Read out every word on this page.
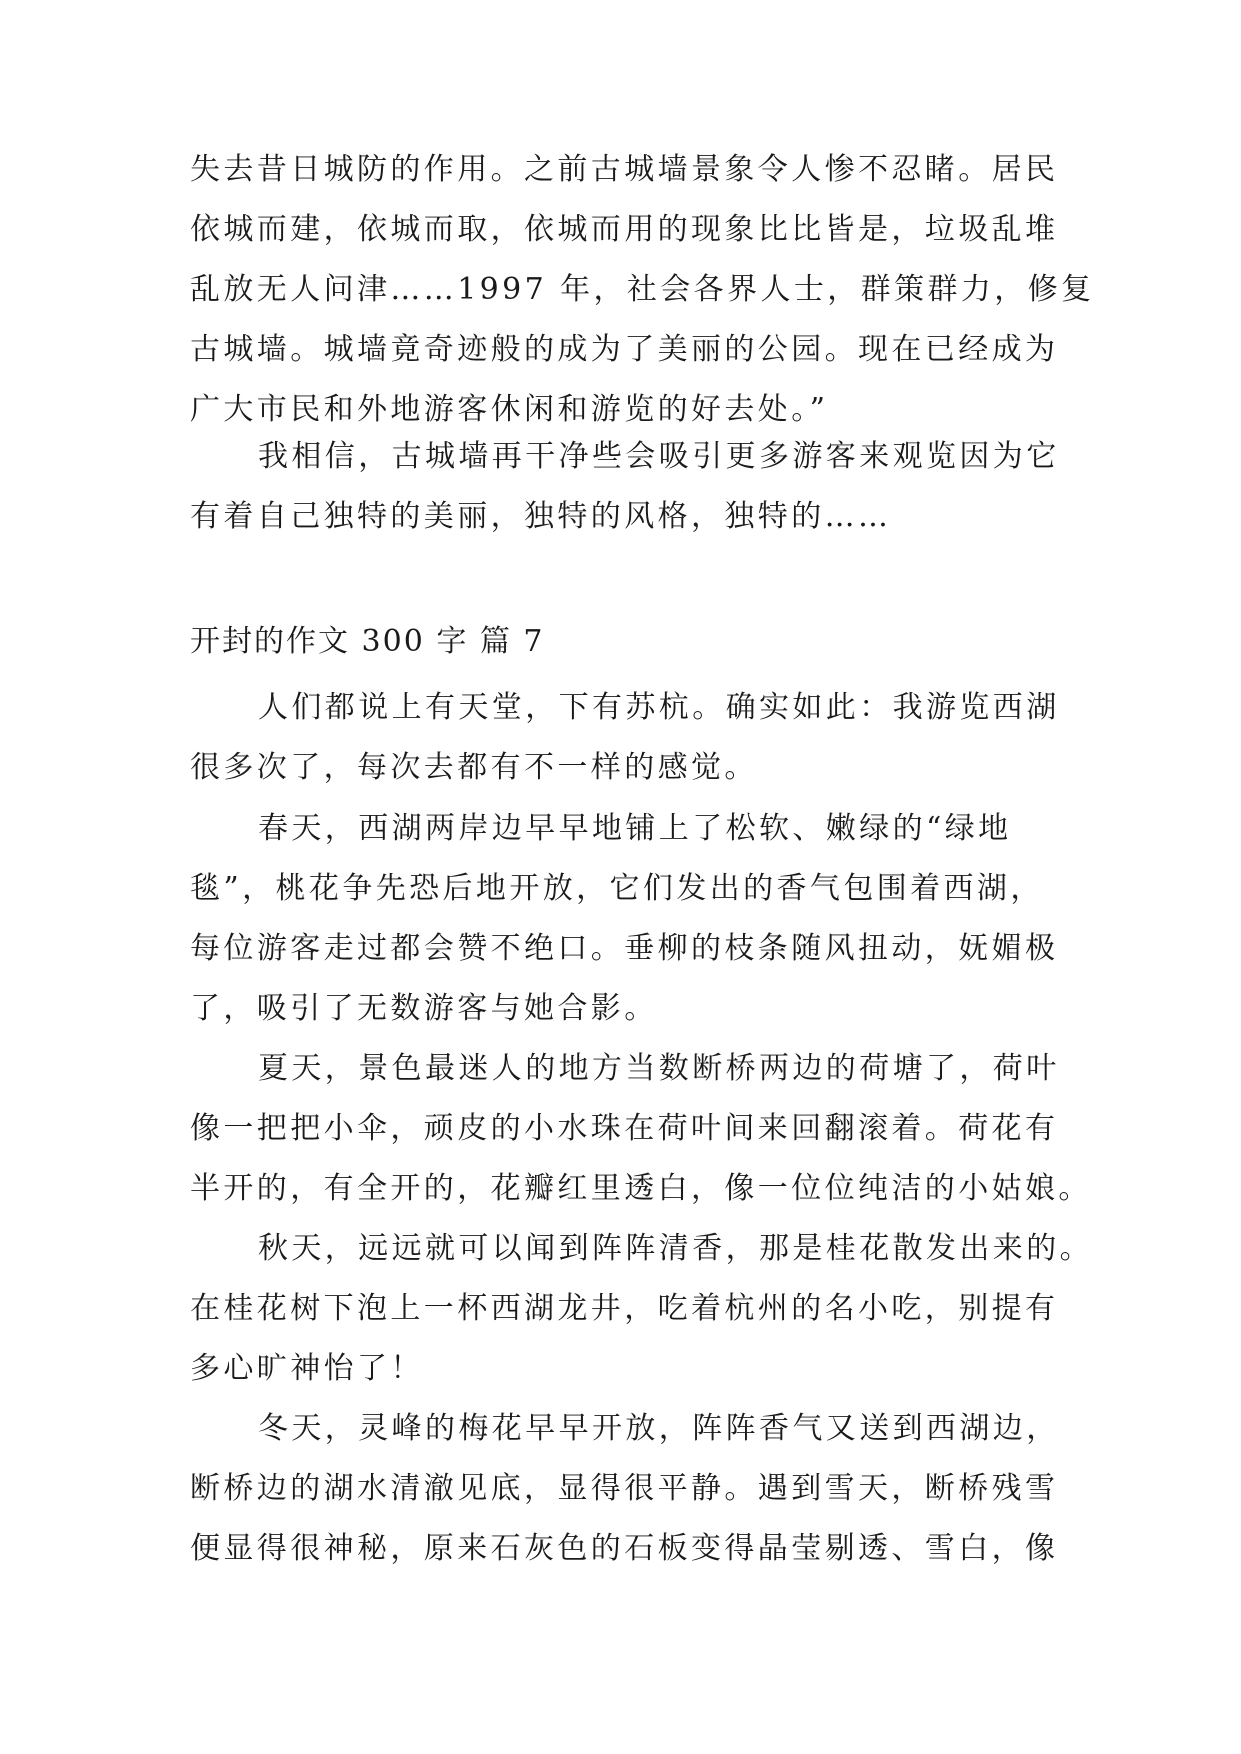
失去昔日城防的作用。之前古城墙景象令人惨不忍睹。居民
依城而建，依城而取，依城而用的现象比比皆是，垃圾乱堆
乱放无人问津……1997 年，社会各界人士，群策群力，修复
古城墙。城墙竟奇迹般的成为了美丽的公园。现在已经成为
广大市民和外地游客休闲和游览的好去处。”
我相信，古城墙再干净些会吸引更多游客来观览因为它
有着自己独特的美丽，独特的风格，独特的……
开封的作文 300 字 篇 7
人们都说上有天堂，下有苏杭。确实如此：我游览西湖
很多次了，每次去都有不一样的感觉。
春天，西湖两岸边早早地铺上了松软、嫩绿的“绿地
毯”，桃花争先恐后地开放，它们发出的香气包围着西湖，
每位游客走过都会赞不绝口。垂柳的枝条随风扭动，妩媚极
了，吸引了无数游客与她合影。
夏天，景色最迷人的地方当数断桥两边的荷塘了，荷叶
像一把把小伞，顽皮的小水珠在荷叶间来回翻滚着。荷花有
半开的，有全开的，花瓣红里透白，像一位位纯洁的小姑娘。
秋天，远远就可以闻到阵阵清香，那是桂花散发出来的。
在桂花树下泡上一杯西湖龙井，吃着杭州的名小吃，别提有
多心旷神怡了！
冬天，灵峰的梅花早早开放，阵阵香气又送到西湖边，
断桥边的湖水清澈见底，显得很平静。遇到雪天，断桥残雪
便显得很神秘，原来石灰色的石板变得晶莹剔透、雪白，像
